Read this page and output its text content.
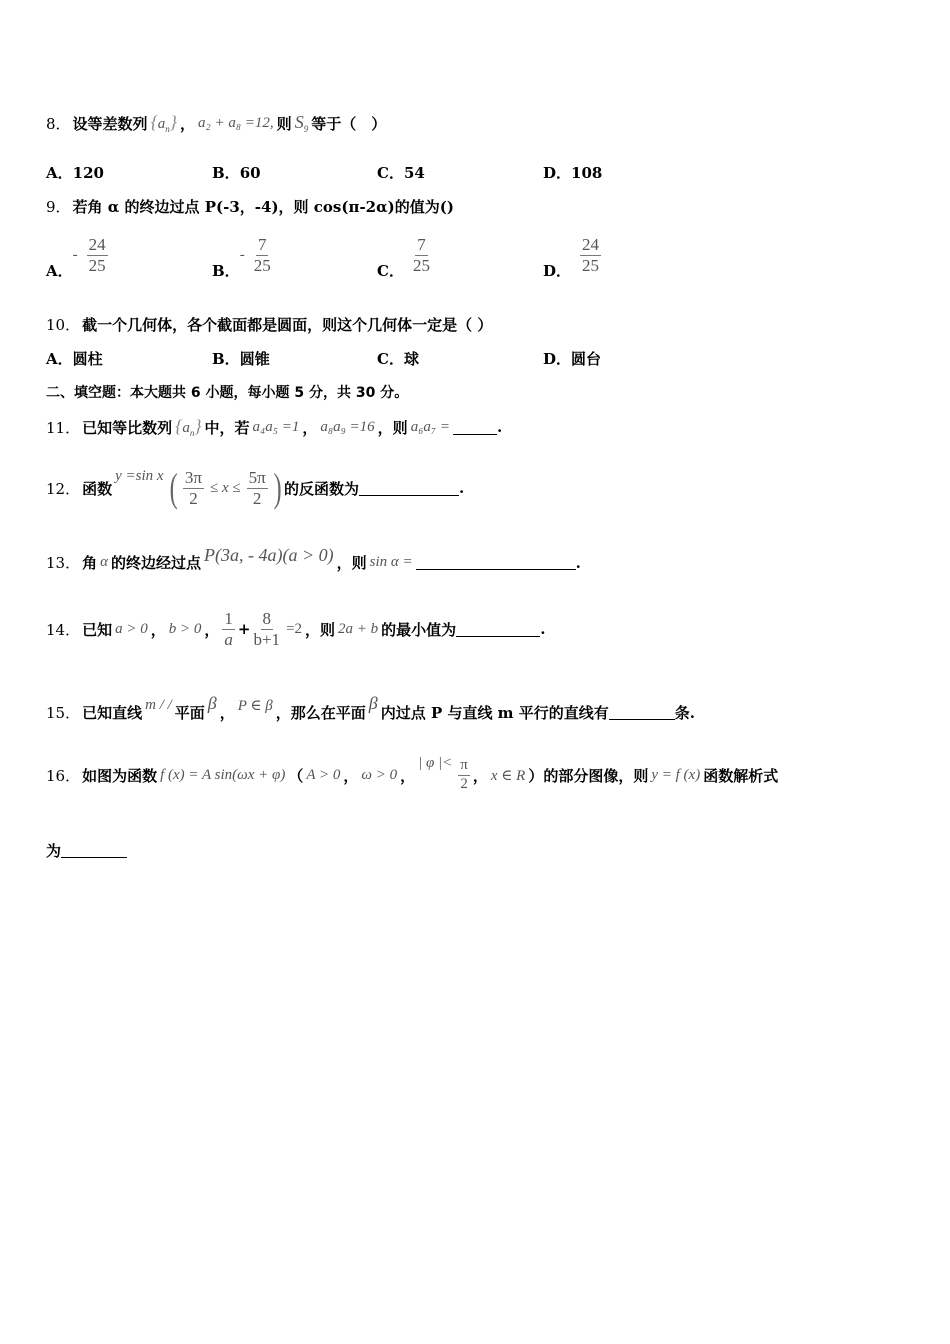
8． 设等差数列 $\{a_n\}$ ， a₂ + a₈ =12, 则 $S_9$ 等于（　）
A． 120	B． 60	C． 54	D． 108
9． 若角 α 的终边过点 P(-3，-4)，则 cos(π-2α)的值为()
A．
- $\frac{24}{25}$	B．
- $\frac{7}{25}$	C． $\frac{7}{25}$	D． $\frac{24}{25}$
10． 截一个几何体，各个截面都是圆面，则这个几何体一定是（ ）
A． 圆柱	B． 圆锥	C． 球	D． 圆台
二、填空题：本大题共 6 小题，每小题 5 分，共 30 分。
11． 已知等比数列 $\{a_n\}$ 中，若 a₄a₅ =1 ， a₈a₉ =16 ，则 a₆a₇ =	.
12． 函数
y =sin x ( $\frac{3\pi}{2} \le x \le \frac{5\pi}{2}$ ) 的反函数为	.
13． 角 α 的终边经过点 P(3a, - 4a)(a > 0) ，则 sin α =	.
14． 已知 a > 0 ， b > 0 ， $\frac{1}{a} + \frac{8}{b+1} =2$ ，则 2a + b 的最小值为	.
15． 已知直线 m / / 平面 β ， P ∈ β ，那么在平面 β 内过点 P 与直线 m 平行的直线有	条.
16． 如图为函数 f (x) = A sin(ωx + φ) （ A > 0 ， ω > 0 ，
| φ |< $\frac{\pi}{2}$ ， x ∈ R ）的部分图像，则 y = f (x) 函数解析式
为
